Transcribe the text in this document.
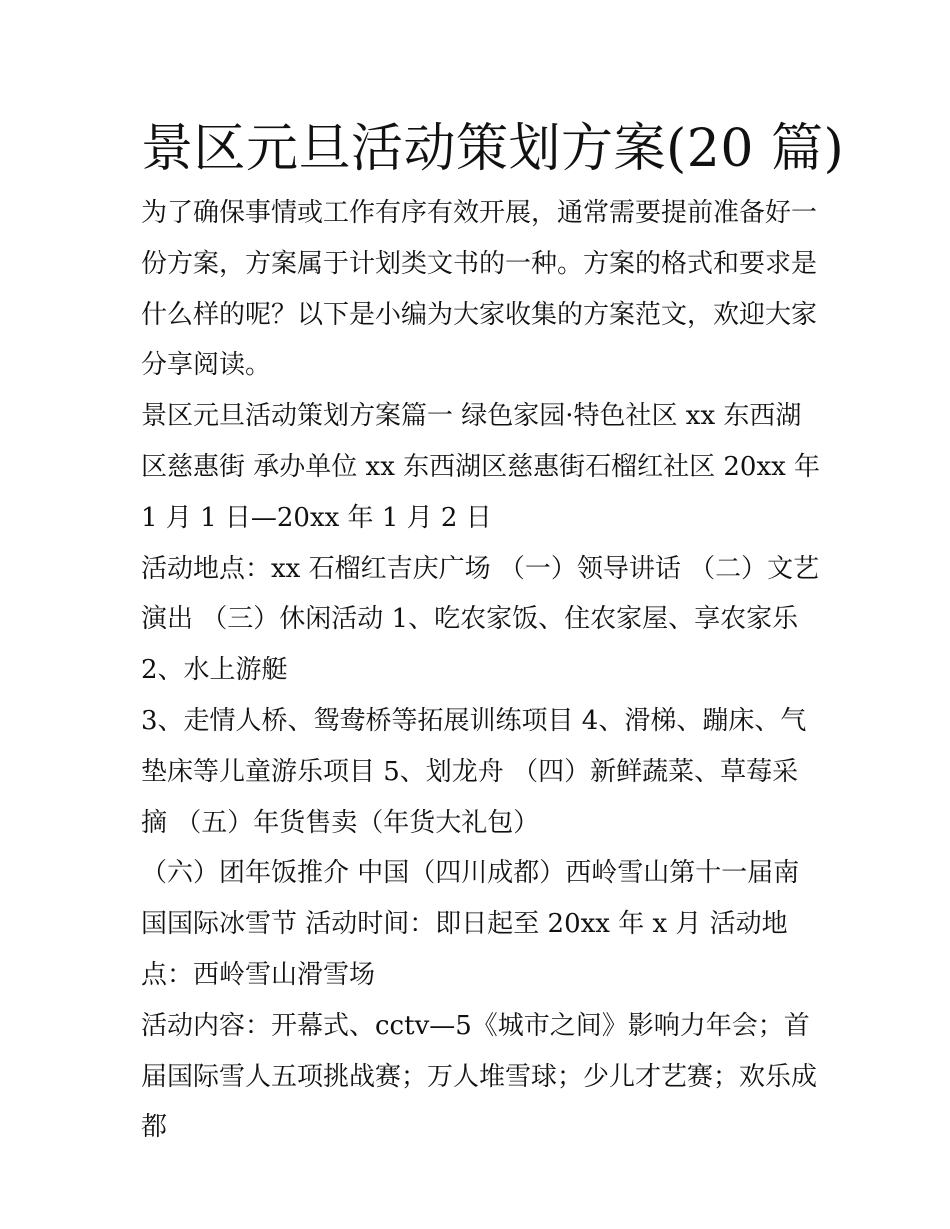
景区元旦活动策划方案(20 篇)

为了确保事情或工作有序有效开展，通常需要提前准备好一份方案，方案属于计划类文书的一种。方案的格式和要求是什么样的呢？以下是小编为大家收集的方案范文，欢迎大家分享阅读。

景区元旦活动策划方案篇一 绿色家园·特色社区 xx 东西湖区慈惠街 承办单位 xx 东西湖区慈惠街石榴红社区 20xx 年 1 月 1 日—20xx 年 1 月 2 日

活动地点：xx 石榴红吉庆广场 （一）领导讲话 （二）文艺演出 （三）休闲活动 1、吃农家饭、住农家屋、享农家乐 2、水上游艇

3、走情人桥、鸳鸯桥等拓展训练项目 4、滑梯、蹦床、气垫床等儿童游乐项目 5、划龙舟 （四）新鲜蔬菜、草莓采摘 （五）年货售卖（年货大礼包）

（六）团年饭推介 中国（四川成都）西岭雪山第十一届南国国际冰雪节 活动时间：即日起至 20xx 年 x 月 活动地点：西岭雪山滑雪场

活动内容：开幕式、cctv—5《城市之间》影响力年会；首届国际雪人五项挑战赛；万人堆雪球；少儿才艺赛；欢乐成都
